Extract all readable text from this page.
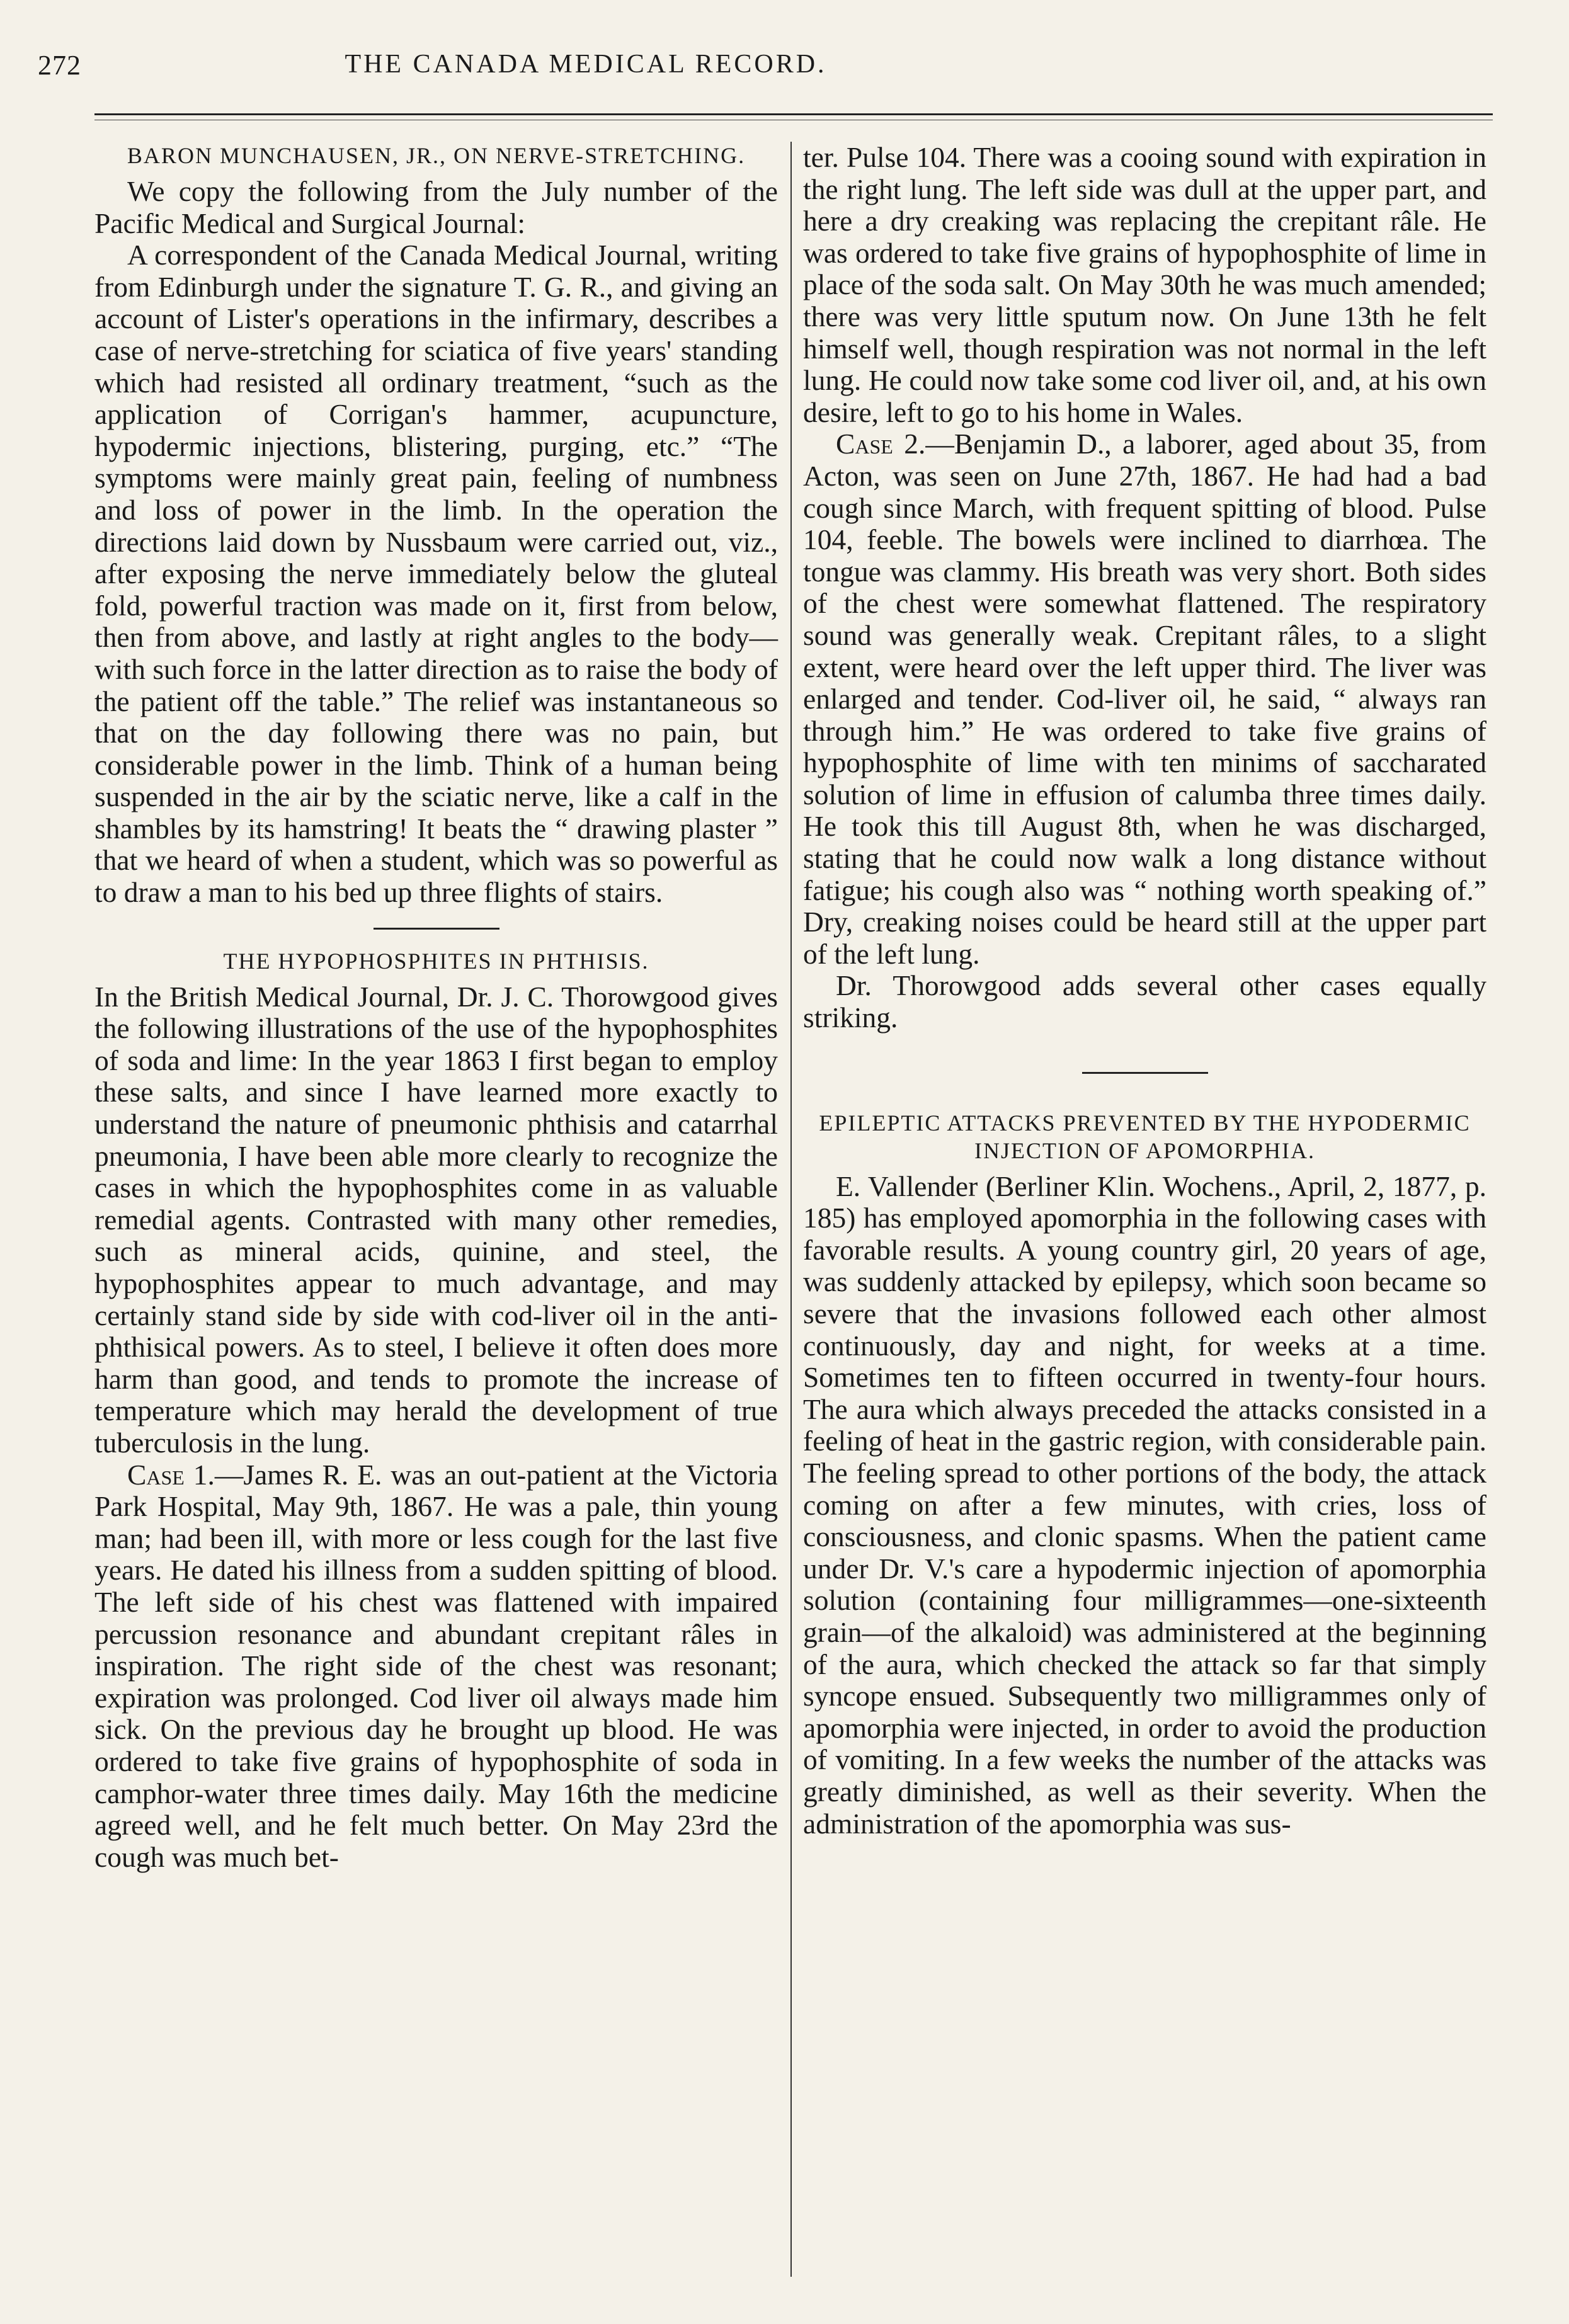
272	THE CANADA MEDICAL RECORD.
BARON MUNCHAUSEN, JR., ON NERVE-STRETCHING.

We copy the following from the July number of the Pacific Medical and Surgical Journal:

A correspondent of the Canada Medical Journal, writing from Edinburgh under the signature T. G. R., and giving an account of Lister's operations in the infirmary, describes a case of nerve-stretching for sciatica of five years' standing which had resisted all ordinary treatment, “such as the application of Corrigan's hammer, acupuncture, hypodermic injections, blistering, purging, etc.” “The symptoms were mainly great pain, feeling of numbness and loss of power in the limb. In the operation the directions laid down by Nussbaum were carried out, viz., after exposing the nerve immediately below the gluteal fold, powerful traction was made on it, first from below, then from above, and lastly at right angles to the body—with such force in the latter direction as to raise the body of the patient off the table.” The relief was instantaneous so that on the day following there was no pain, but considerable power in the limb. Think of a human being suspended in the air by the sciatic nerve, like a calf in the shambles by its hamstring! It beats the “ drawing plaster ” that we heard of when a student, which was so powerful as to draw a man to his bed up three flights of stairs.

THE HYPOPHOSPHITES IN PHTHISIS.

In the British Medical Journal, Dr. J. C. Thorowgood gives the following illustrations of the use of the hypophosphites of soda and lime: In the year 1863 I first began to employ these salts, and since I have learned more exactly to understand the nature of pneumonic phthisis and catarrhal pneumonia, I have been able more clearly to recognize the cases in which the hypophosphites come in as valuable remedial agents. Contrasted with many other remedies, such as mineral acids, quinine, and steel, the hypophosphites appear to much advantage, and may certainly stand side by side with cod-liver oil in the anti-phthisical powers. As to steel, I believe it often does more harm than good, and tends to promote the increase of temperature which may herald the development of true tuberculosis in the lung.

Case 1.—James R. E. was an out-patient at the Victoria Park Hospital, May 9th, 1867. He was a pale, thin young man; had been ill, with more or less cough for the last five years. He dated his illness from a sudden spitting of blood. The left side of his chest was flattened with impaired percussion resonance and abundant crepitant râles in inspiration. The right side of the chest was resonant; expiration was prolonged. Cod liver oil always made him sick. On the previous day he brought up blood. He was ordered to take five grains of hypophosphite of soda in camphor-water three times daily. May 16th the medicine agreed well, and he felt much better. On May 23rd the cough was much bet-

ter. Pulse 104. There was a cooing sound with expiration in the right lung. The left side was dull at the upper part, and here a dry creaking was replacing the crepitant râle. He was ordered to take five grains of hypophosphite of lime in place of the soda salt. On May 30th he was much amended; there was very little sputum now. On June 13th he felt himself well, though respiration was not normal in the left lung. He could now take some cod liver oil, and, at his own desire, left to go to his home in Wales.

Case 2.—Benjamin D., a laborer, aged about 35, from Acton, was seen on June 27th, 1867. He had had a bad cough since March, with frequent spitting of blood. Pulse 104, feeble. The bowels were inclined to diarrhœa. The tongue was clammy. His breath was very short. Both sides of the chest were somewhat flattened. The respiratory sound was generally weak. Crepitant râles, to a slight extent, were heard over the left upper third. The liver was enlarged and tender. Cod-liver oil, he said, “ always ran through him.” He was ordered to take five grains of hypophosphite of lime with ten minims of saccharated solution of lime in effusion of calumba three times daily. He took this till August 8th, when he was discharged, stating that he could now walk a long distance without fatigue; his cough also was “ nothing worth speaking of.” Dry, creaking noises could be heard still at the upper part of the left lung.

Dr. Thorowgood adds several other cases equally striking.

EPILEPTIC ATTACKS PREVENTED BY THE HYPODERMIC INJECTION OF APOMORPHIA.

E. Vallender (Berliner Klin. Wochens., April, 2, 1877, p. 185) has employed apomorphia in the following cases with favorable results. A young country girl, 20 years of age, was suddenly attacked by epilepsy, which soon became so severe that the invasions followed each other almost continuously, day and night, for weeks at a time. Sometimes ten to fifteen occurred in twenty-four hours. The aura which always preceded the attacks consisted in a feeling of heat in the gastric region, with considerable pain. The feeling spread to other portions of the body, the attack coming on after a few minutes, with cries, loss of consciousness, and clonic spasms. When the patient came under Dr. V.'s care a hypodermic injection of apomorphia solution (containing four milligrammes—one-sixteenth grain—of the alkaloid) was administered at the beginning of the aura, which checked the attack so far that simply syncope ensued. Subsequently two milligrammes only of apomorphia were injected, in order to avoid the production of vomiting. In a few weeks the number of the attacks was greatly diminished, as well as their severity. When the administration of the apomorphia was sus-
